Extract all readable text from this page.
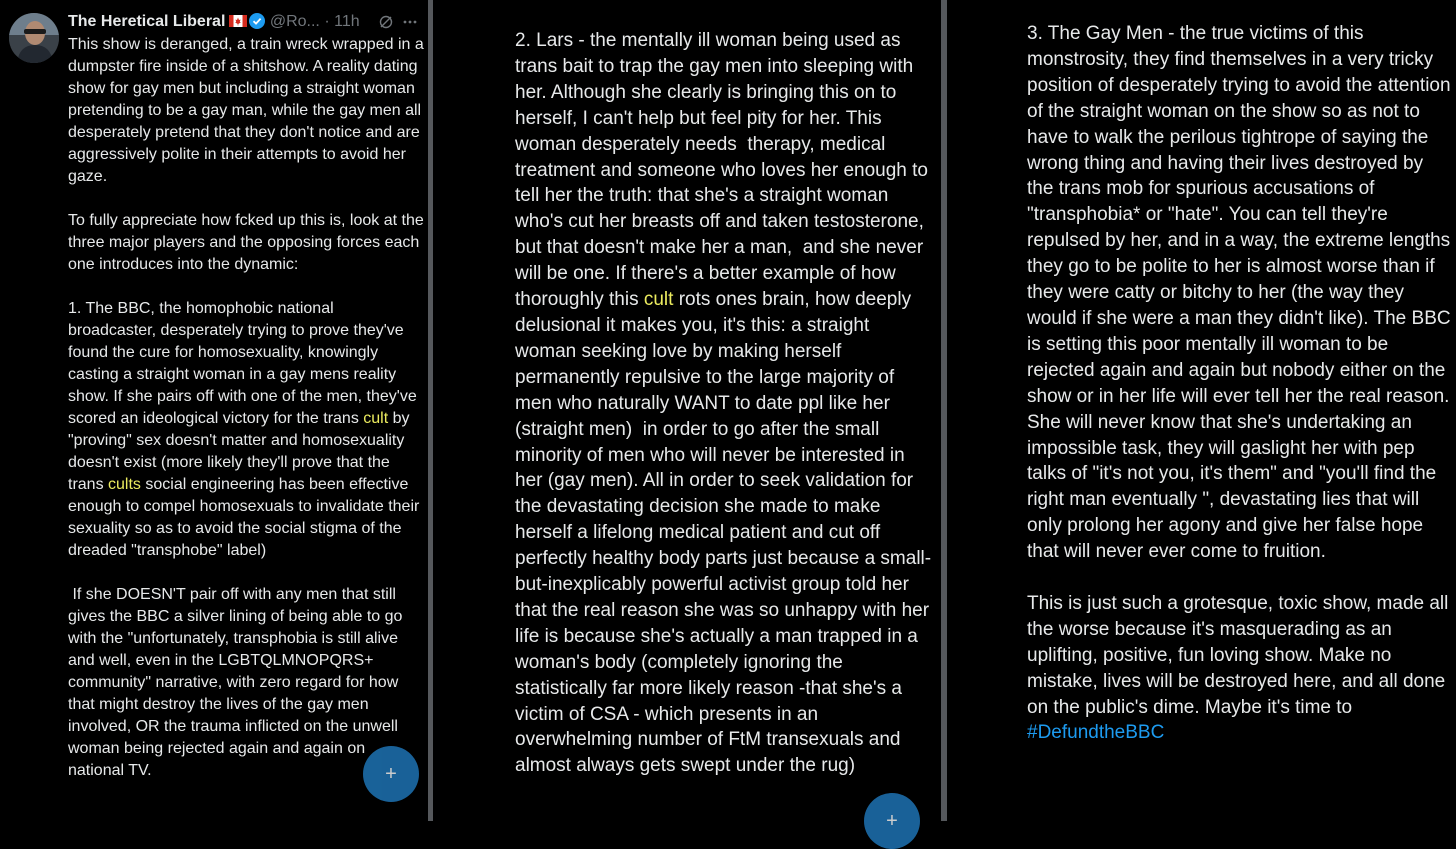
The Heretical Liberal	@Ro... · 11h
This show is deranged, a train wreck wrapped in a dumpster fire inside of a shitshow. A reality dating show for gay men but including a straight woman pretending to be a gay man, while the gay men all desperately pretend that they don't notice and are aggressively polite in their attempts to avoid her gaze.

To fully appreciate how fcked up this is, look at the three major players and the opposing forces each one introduces into the dynamic:

1. The BBC, the homophobic national broadcaster, desperately trying to prove they've found the cure for homosexuality, knowingly casting a straight woman in a gay mens reality show. If she pairs off with one of the men, they've scored an ideological victory for the trans cult by "proving" sex doesn't matter and homosexuality doesn't exist (more likely they'll prove that the trans cults social engineering has been effective enough to compel homosexuals to invalidate their sexuality so as to avoid the social stigma of the dreaded "transphobe" label)

If she DOESN'T pair off with any men that still gives the BBC a silver lining of being able to go with the "unfortunately, transphobia is still alive and well, even in the LGBTQLMNOPQRS+ community" narrative, with zero regard for how that might destroy the lives of the gay men involved, OR the trauma inflicted on the unwell woman being rejected again and again on national TV.	+
2. Lars - the mentally ill woman being used as trans bait to trap the gay men into sleeping with her. Although she clearly is bringing this on to herself, I can't help but feel pity for her. This woman desperately needs  therapy, medical treatment and someone who loves her enough to tell her the truth: that she's a straight woman who's cut her breasts off and taken testosterone, but that doesn't make her a man,  and she never will be one. If there's a better example of how thoroughly this cult rots ones brain, how deeply delusional it makes you, it's this: a straight woman seeking love by making herself permanently repulsive to the large majority of men who naturally WANT to date ppl like her (straight men)  in order to go after the small minority of men who will never be interested in her (gay men). All in order to seek validation for the devastating decision she made to make herself a lifelong medical patient and cut off perfectly healthy body parts just because a small-but-inexplicably powerful activist group told her that the real reason she was so unhappy with her life is because she's actually a man trapped in a woman's body (completely ignoring the statistically far more likely reason -that she's a victim of CSA - which presents in an overwhelming number of FtM transexuals and almost always gets swept under the rug)
+
3. The Gay Men - the true victims of this monstrosity, they find themselves in a very tricky position of desperately trying to avoid the attention of the straight woman on the show so as not to have to walk the perilous tightrope of saying the wrong thing and having their lives destroyed by the trans mob for spurious accusations of "transphobia* or "hate". You can tell they're repulsed by her, and in a way, the extreme lengths they go to be polite to her is almost worse than if they were catty or bitchy to her (the way they would if she were a man they didn't like). The BBC is setting this poor mentally ill woman to be rejected again and again but nobody either on the show or in her life will ever tell her the real reason. She will never know that she's undertaking an impossible task, they will gaslight her with pep talks of "it's not you, it's them" and "you'll find the right man eventually ", devastating lies that will only prolong her agony and give her false hope that will never ever come to fruition.

This is just such a grotesque, toxic show, made all the worse because it's masquerading as an uplifting, positive, fun loving show. Make no mistake, lives will be destroyed here, and all done on the public's dime. Maybe it's time to #DefundtheBBC
